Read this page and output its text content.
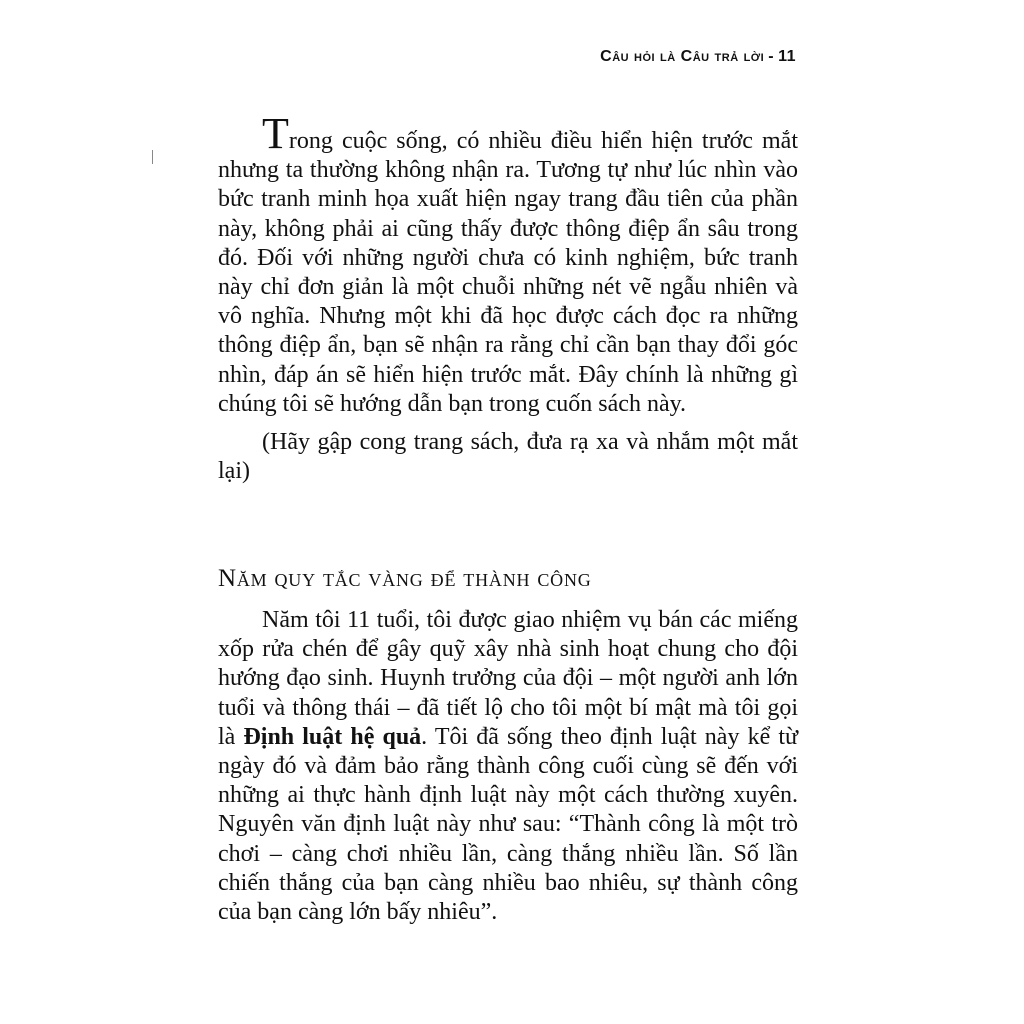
Câu hỏi là Câu trả lời - 11

Trong cuộc sống, có nhiều điều hiển hiện trước mắt nhưng ta thường không nhận ra. Tương tự như lúc nhìn vào bức tranh minh họa xuất hiện ngay trang đầu tiên của phần này, không phải ai cũng thấy được thông điệp ẩn sâu trong đó. Đối với những người chưa có kinh nghiệm, bức tranh này chỉ đơn giản là một chuỗi những nét vẽ ngẫu nhiên và vô nghĩa. Nhưng một khi đã học được cách đọc ra những thông điệp ẩn, bạn sẽ nhận ra rằng chỉ cần bạn thay đổi góc nhìn, đáp án sẽ hiển hiện trước mắt. Đây chính là những gì chúng tôi sẽ hướng dẫn bạn trong cuốn sách này.

(Hãy gập cong trang sách, đưa rạ xa và nhắm một mắt lại)

Năm quy tắc vàng để thành công

Năm tôi 11 tuổi, tôi được giao nhiệm vụ bán các miếng xốp rửa chén để gây quỹ xây nhà sinh hoạt chung cho đội hướng đạo sinh. Huynh trưởng của đội – một người anh lớn tuổi và thông thái – đã tiết lộ cho tôi một bí mật mà tôi gọi là Định luật hệ quả. Tôi đã sống theo định luật này kể từ ngày đó và đảm bảo rằng thành công cuối cùng sẽ đến với những ai thực hành định luật này một cách thường xuyên. Nguyên văn định luật này như sau: “Thành công là một trò chơi – càng chơi nhiều lần, càng thắng nhiều lần. Số lần chiến thắng của bạn càng nhiều bao nhiêu, sự thành công của bạn càng lớn bấy nhiêu”.
